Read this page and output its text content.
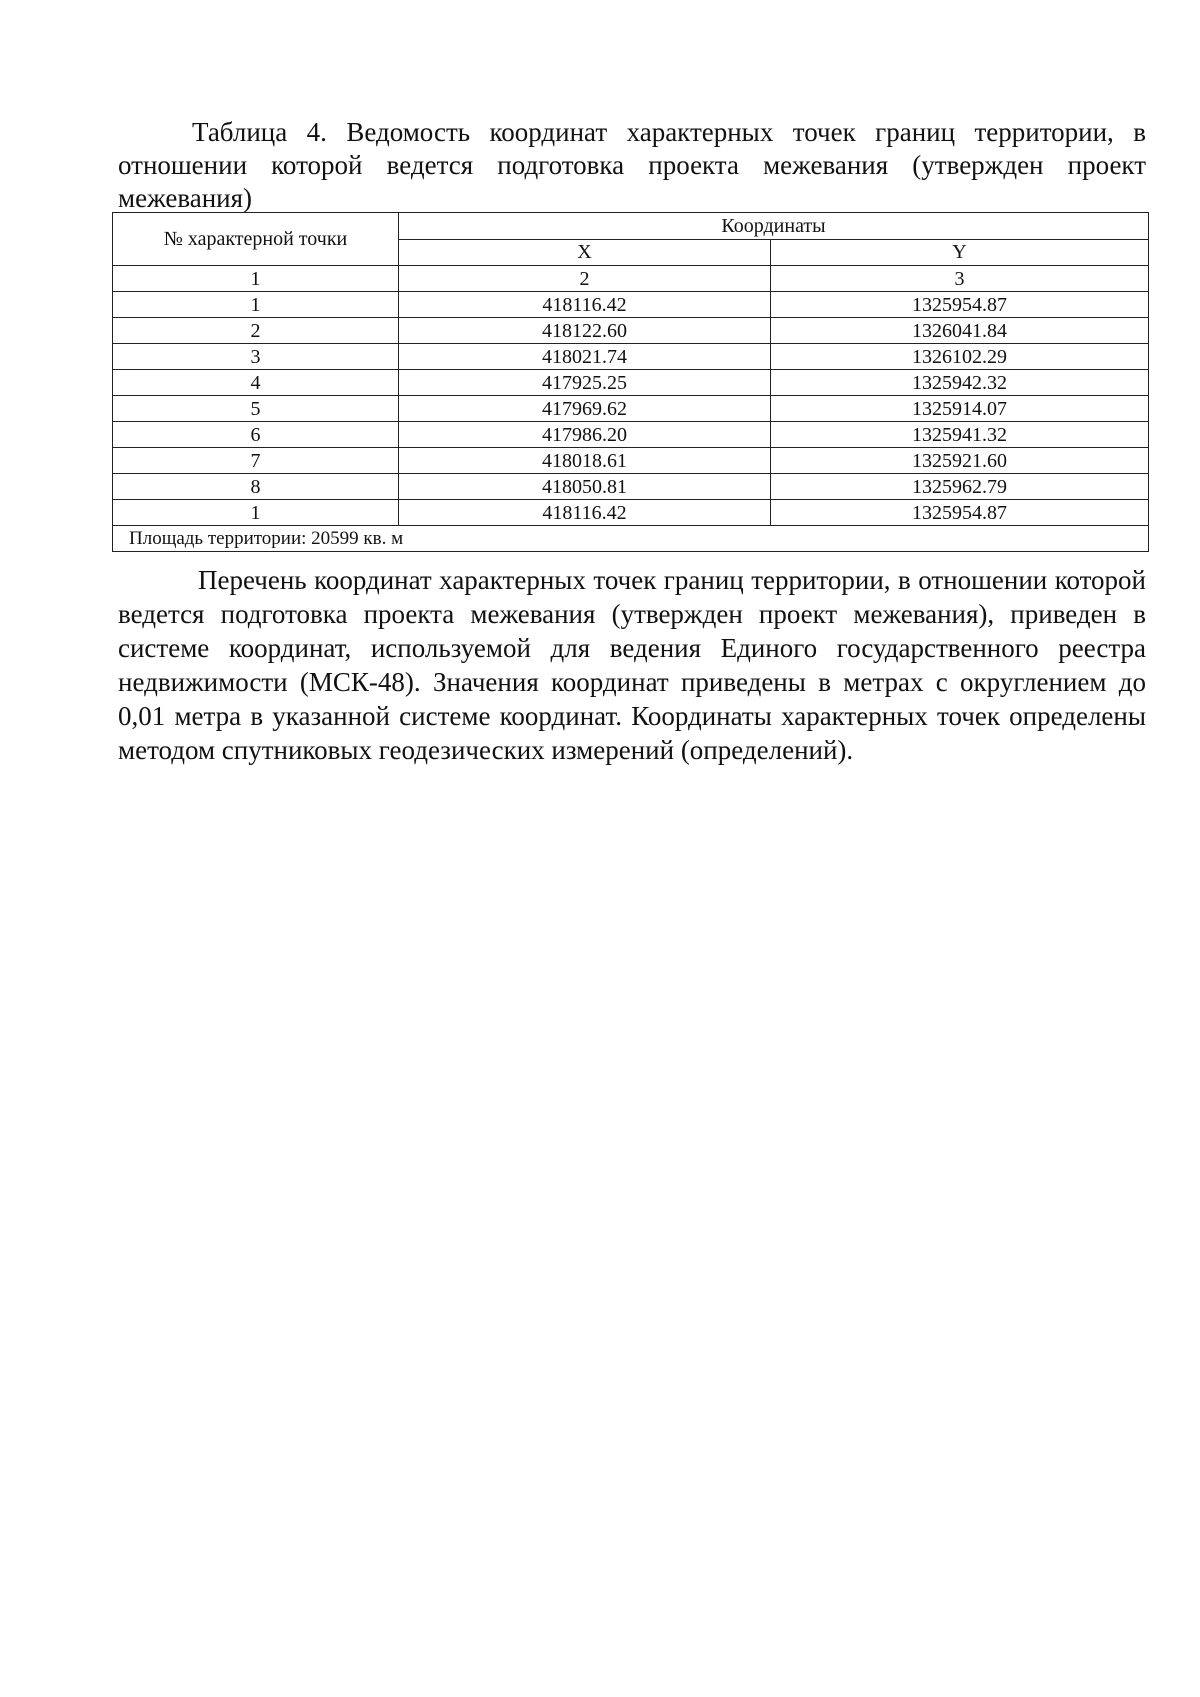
Таблица 4. Ведомость координат характерных точек границ территории, в отношении которой ведется подготовка проекта межевания (утвержден проект межевания)

№ характерной точки	Координаты	
	X	Y
1	2	3
1	418116.42	1325954.87
2	418122.60	1326041.84
3	418021.74	1326102.29
4	417925.25	1325942.32
5	417969.62	1325914.07
6	417986.20	1325941.32
7	418018.61	1325921.60
8	418050.81	1325962.79
1	418116.42	1325954.87
Площадь территории: 20599 кв. м		

Перечень координат характерных точек границ территории, в отношении которой ведется подготовка проекта межевания (утвержден проект межевания), приведен в системе координат, используемой для ведения Единого государственного реестра недвижимости (МСК-48). Значения координат приведены в метрах с округлением до 0,01 метра в указанной системе координат. Координаты характерных точек определены методом спутниковых геодезических измерений (определений).
